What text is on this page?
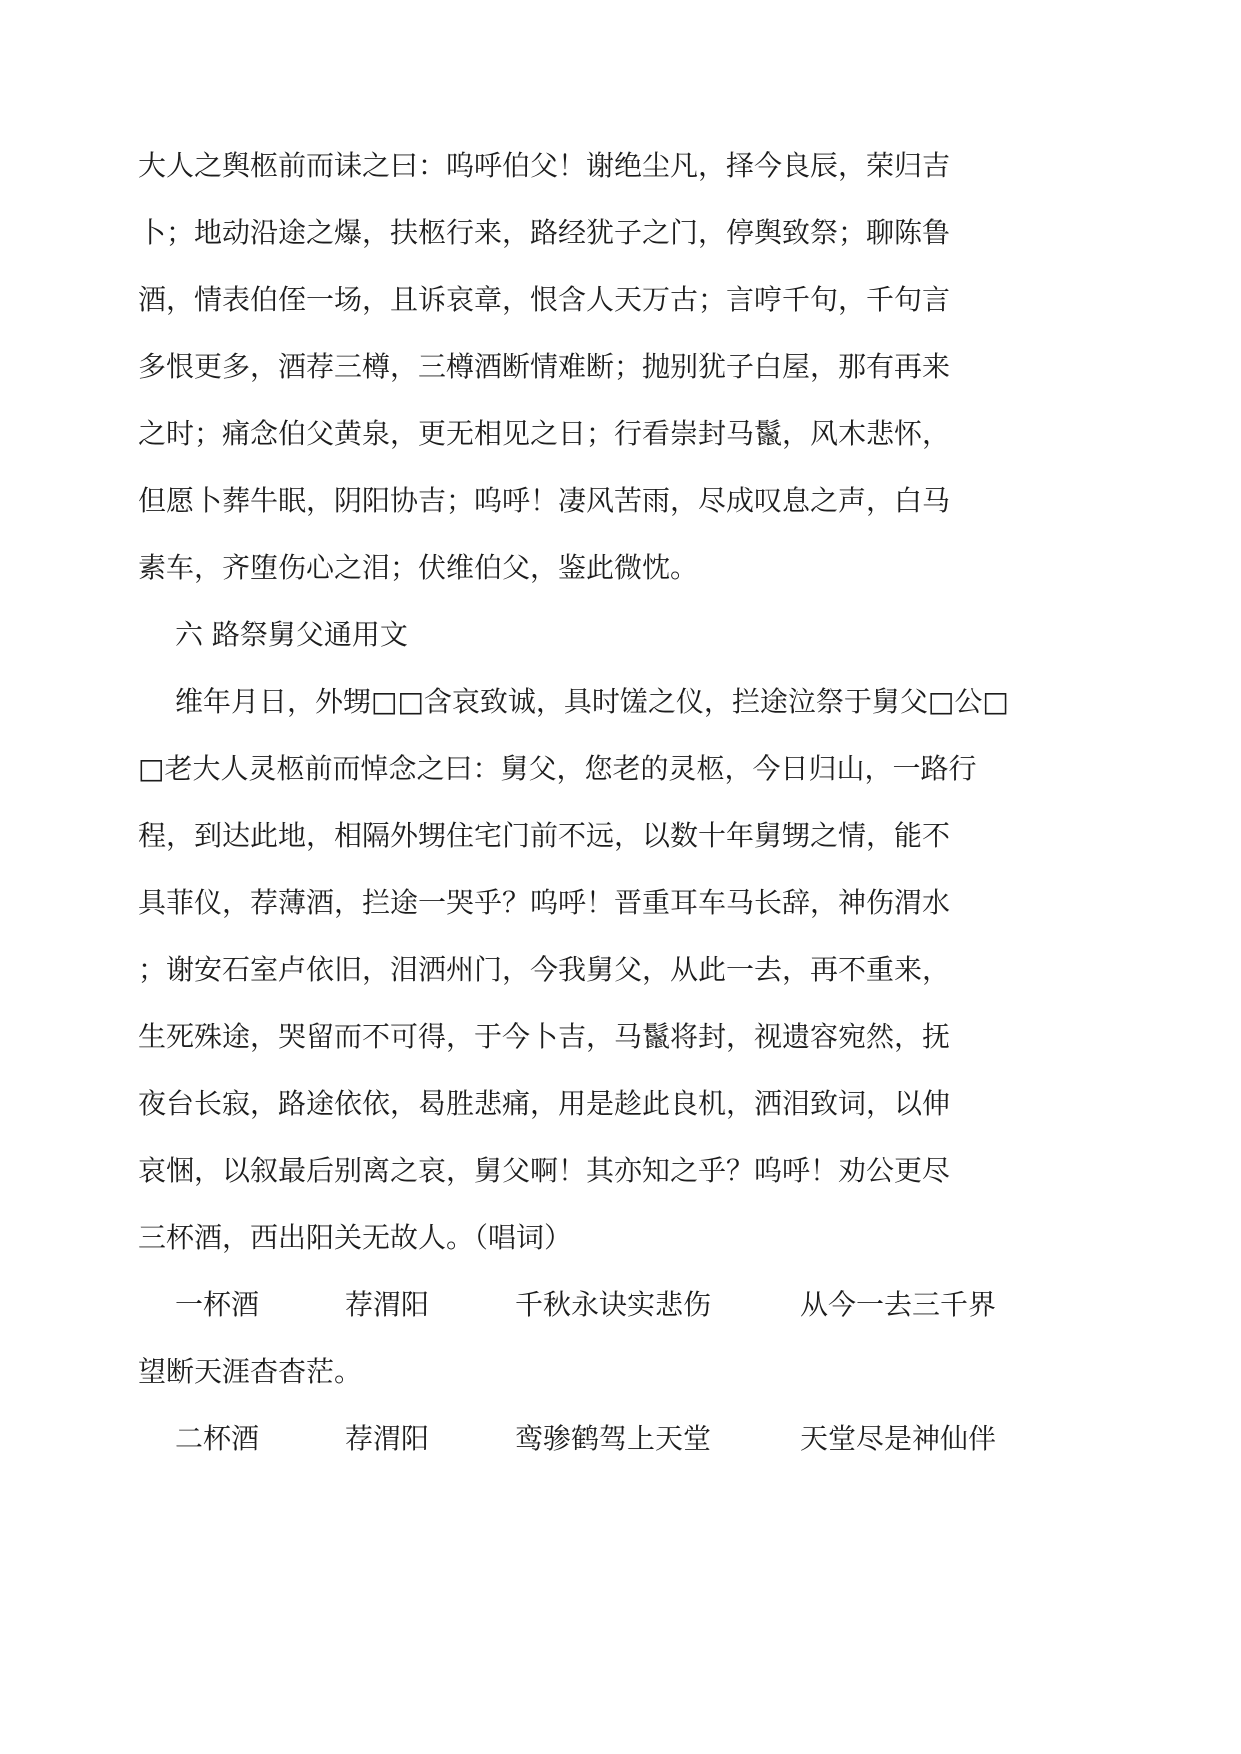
大人之舆柩前而诔之曰：呜呼伯父！谢绝尘凡，择今良辰，荣归吉
卜；地动沿途之爆，扶柩行来，路经犹子之门，停舆致祭；聊陈鲁
酒，情表伯侄一场，且诉哀章，恨含人天万古；言哼千句，千句言
多恨更多，酒荐三樽，三樽酒断情难断；抛别犹子白屋，那有再来
之时；痛念伯父黄泉，更无相见之日；行看崇封马鬣，风木悲怀，
但愿卜葬牛眠，阴阳协吉；呜呼！凄风苦雨，尽成叹息之声，白马
素车，齐堕伤心之泪；伏维伯父，鉴此微忱。
六 路祭舅父通用文
维年月日，外甥□□含哀致诚，具时馐之仪，拦途泣祭于舅父□公□
□老大人灵柩前而悼念之曰：舅父，您老的灵柩，今日归山，一路行
程，到达此地，相隔外甥住宅门前不远，以数十年舅甥之情，能不
具菲仪，荐薄酒，拦途一哭乎？呜呼！晋重耳车马长辞，神伤渭水
；谢安石室卢依旧，泪洒州门，今我舅父，从此一去，再不重来，
生死殊途，哭留而不可得，于今卜吉，马鬣将封，视遗容宛然，抚
夜台长寂，路途依依，曷胜悲痛，用是趁此良机，洒泪致词，以伸
哀悃，以叙最后别离之哀，舅父啊！其亦知之乎？呜呼！劝公更尽
三杯酒，西出阳关无故人。（唱词）
一杯酒	荐渭阳	千秋永诀实悲伤	从今一去三千界
望断天涯杳杳茫。
二杯酒	荐渭阳	鸾骖鹤驾上天堂	天堂尽是神仙伴
